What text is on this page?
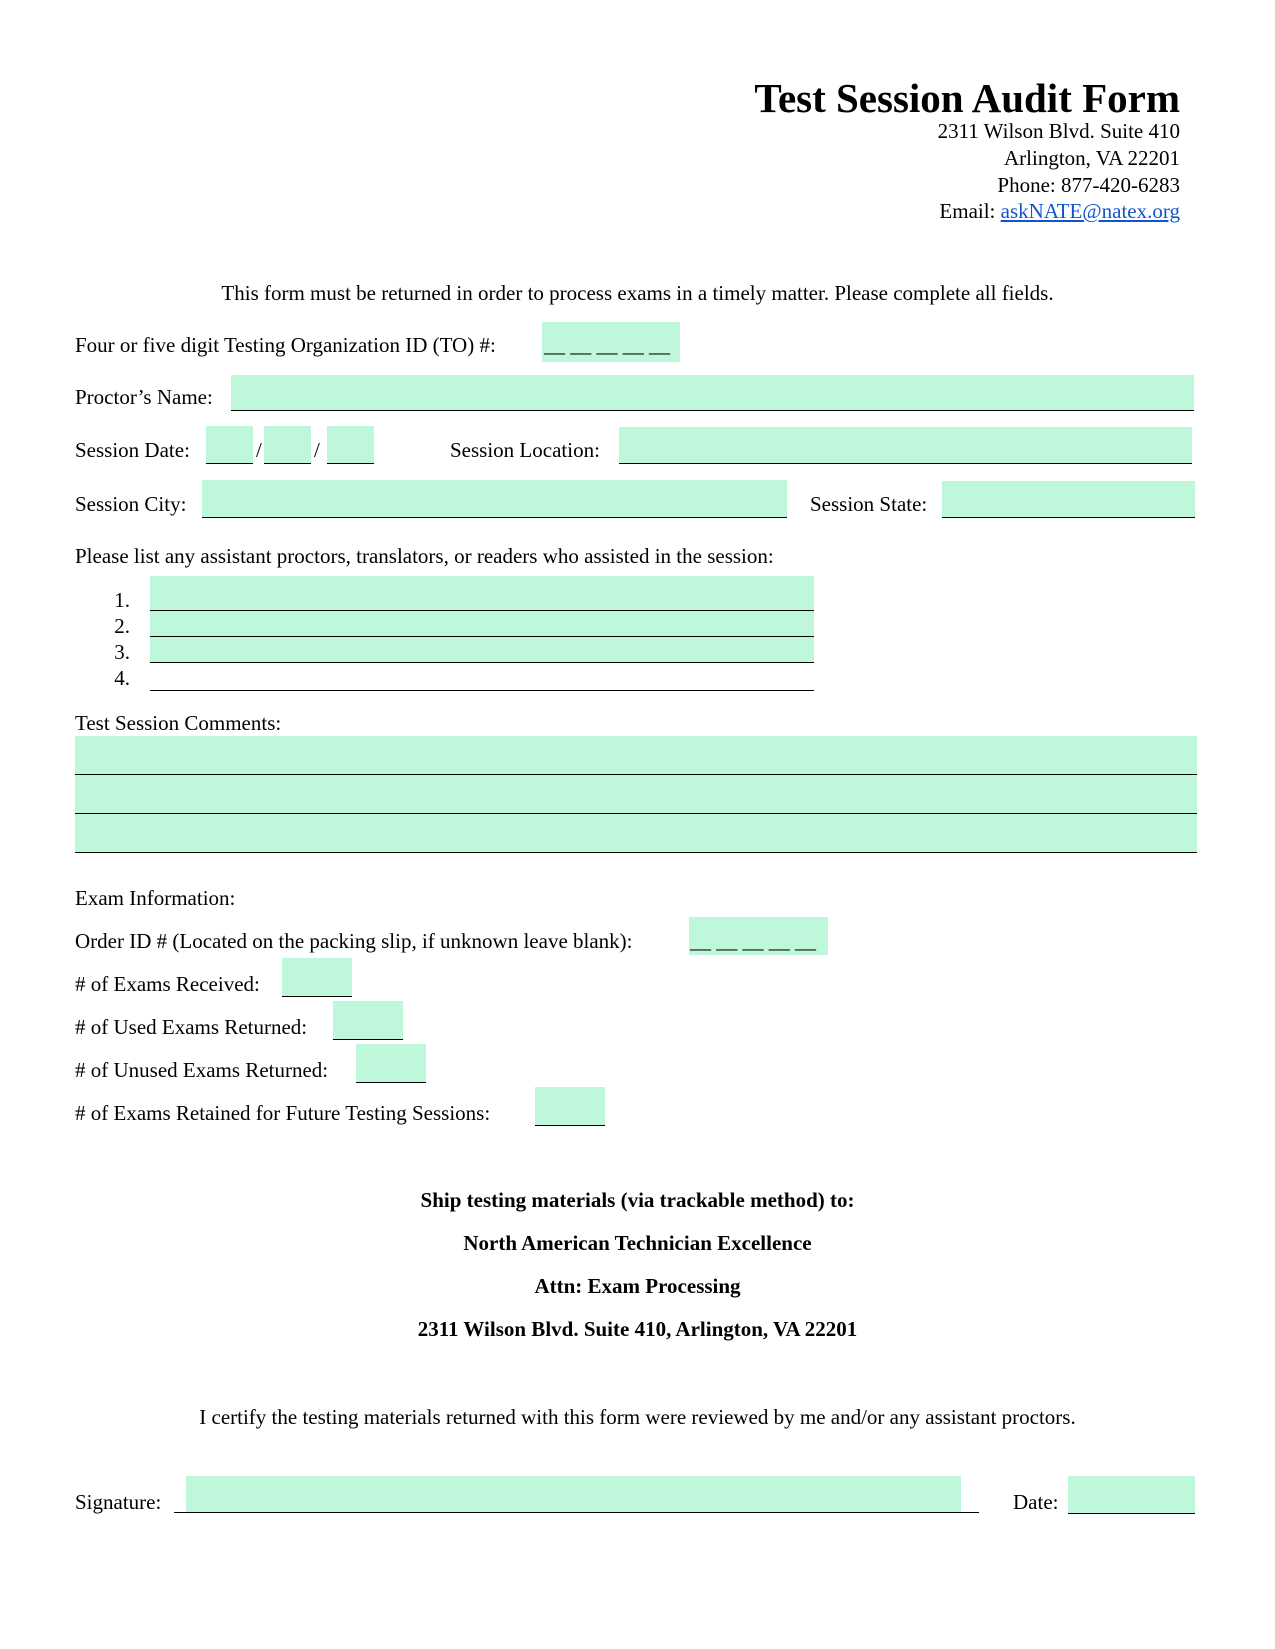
Test Session Audit Form
2311 Wilson Blvd. Suite 410
Arlington, VA 22201
Phone: 877-420-6283
Email: askNATE@natex.org
This form must be returned in order to process exams in a timely matter. Please complete all fields.
Four or five digit Testing Organization ID (TO) #: __ __ __ __ __
Proctor’s Name:
Session Date:	/ /	Session Location:
Session City:	Session State:
Please list any assistant proctors, translators, or readers who assisted in the session:
1.
2.
3.
4.
Test Session Comments:
Exam Information:
Order ID # (Located on the packing slip, if unknown leave blank):	__ __ __ __ __
# of Exams Received:
# of Used Exams Returned:
# of Unused Exams Returned:
# of Exams Retained for Future Testing Sessions:
Ship testing materials (via trackable method) to:
North American Technician Excellence
Attn: Exam Processing
2311 Wilson Blvd. Suite 410, Arlington, VA 22201
I certify the testing materials returned with this form were reviewed by me and/or any assistant proctors.
Signature:	Date:
